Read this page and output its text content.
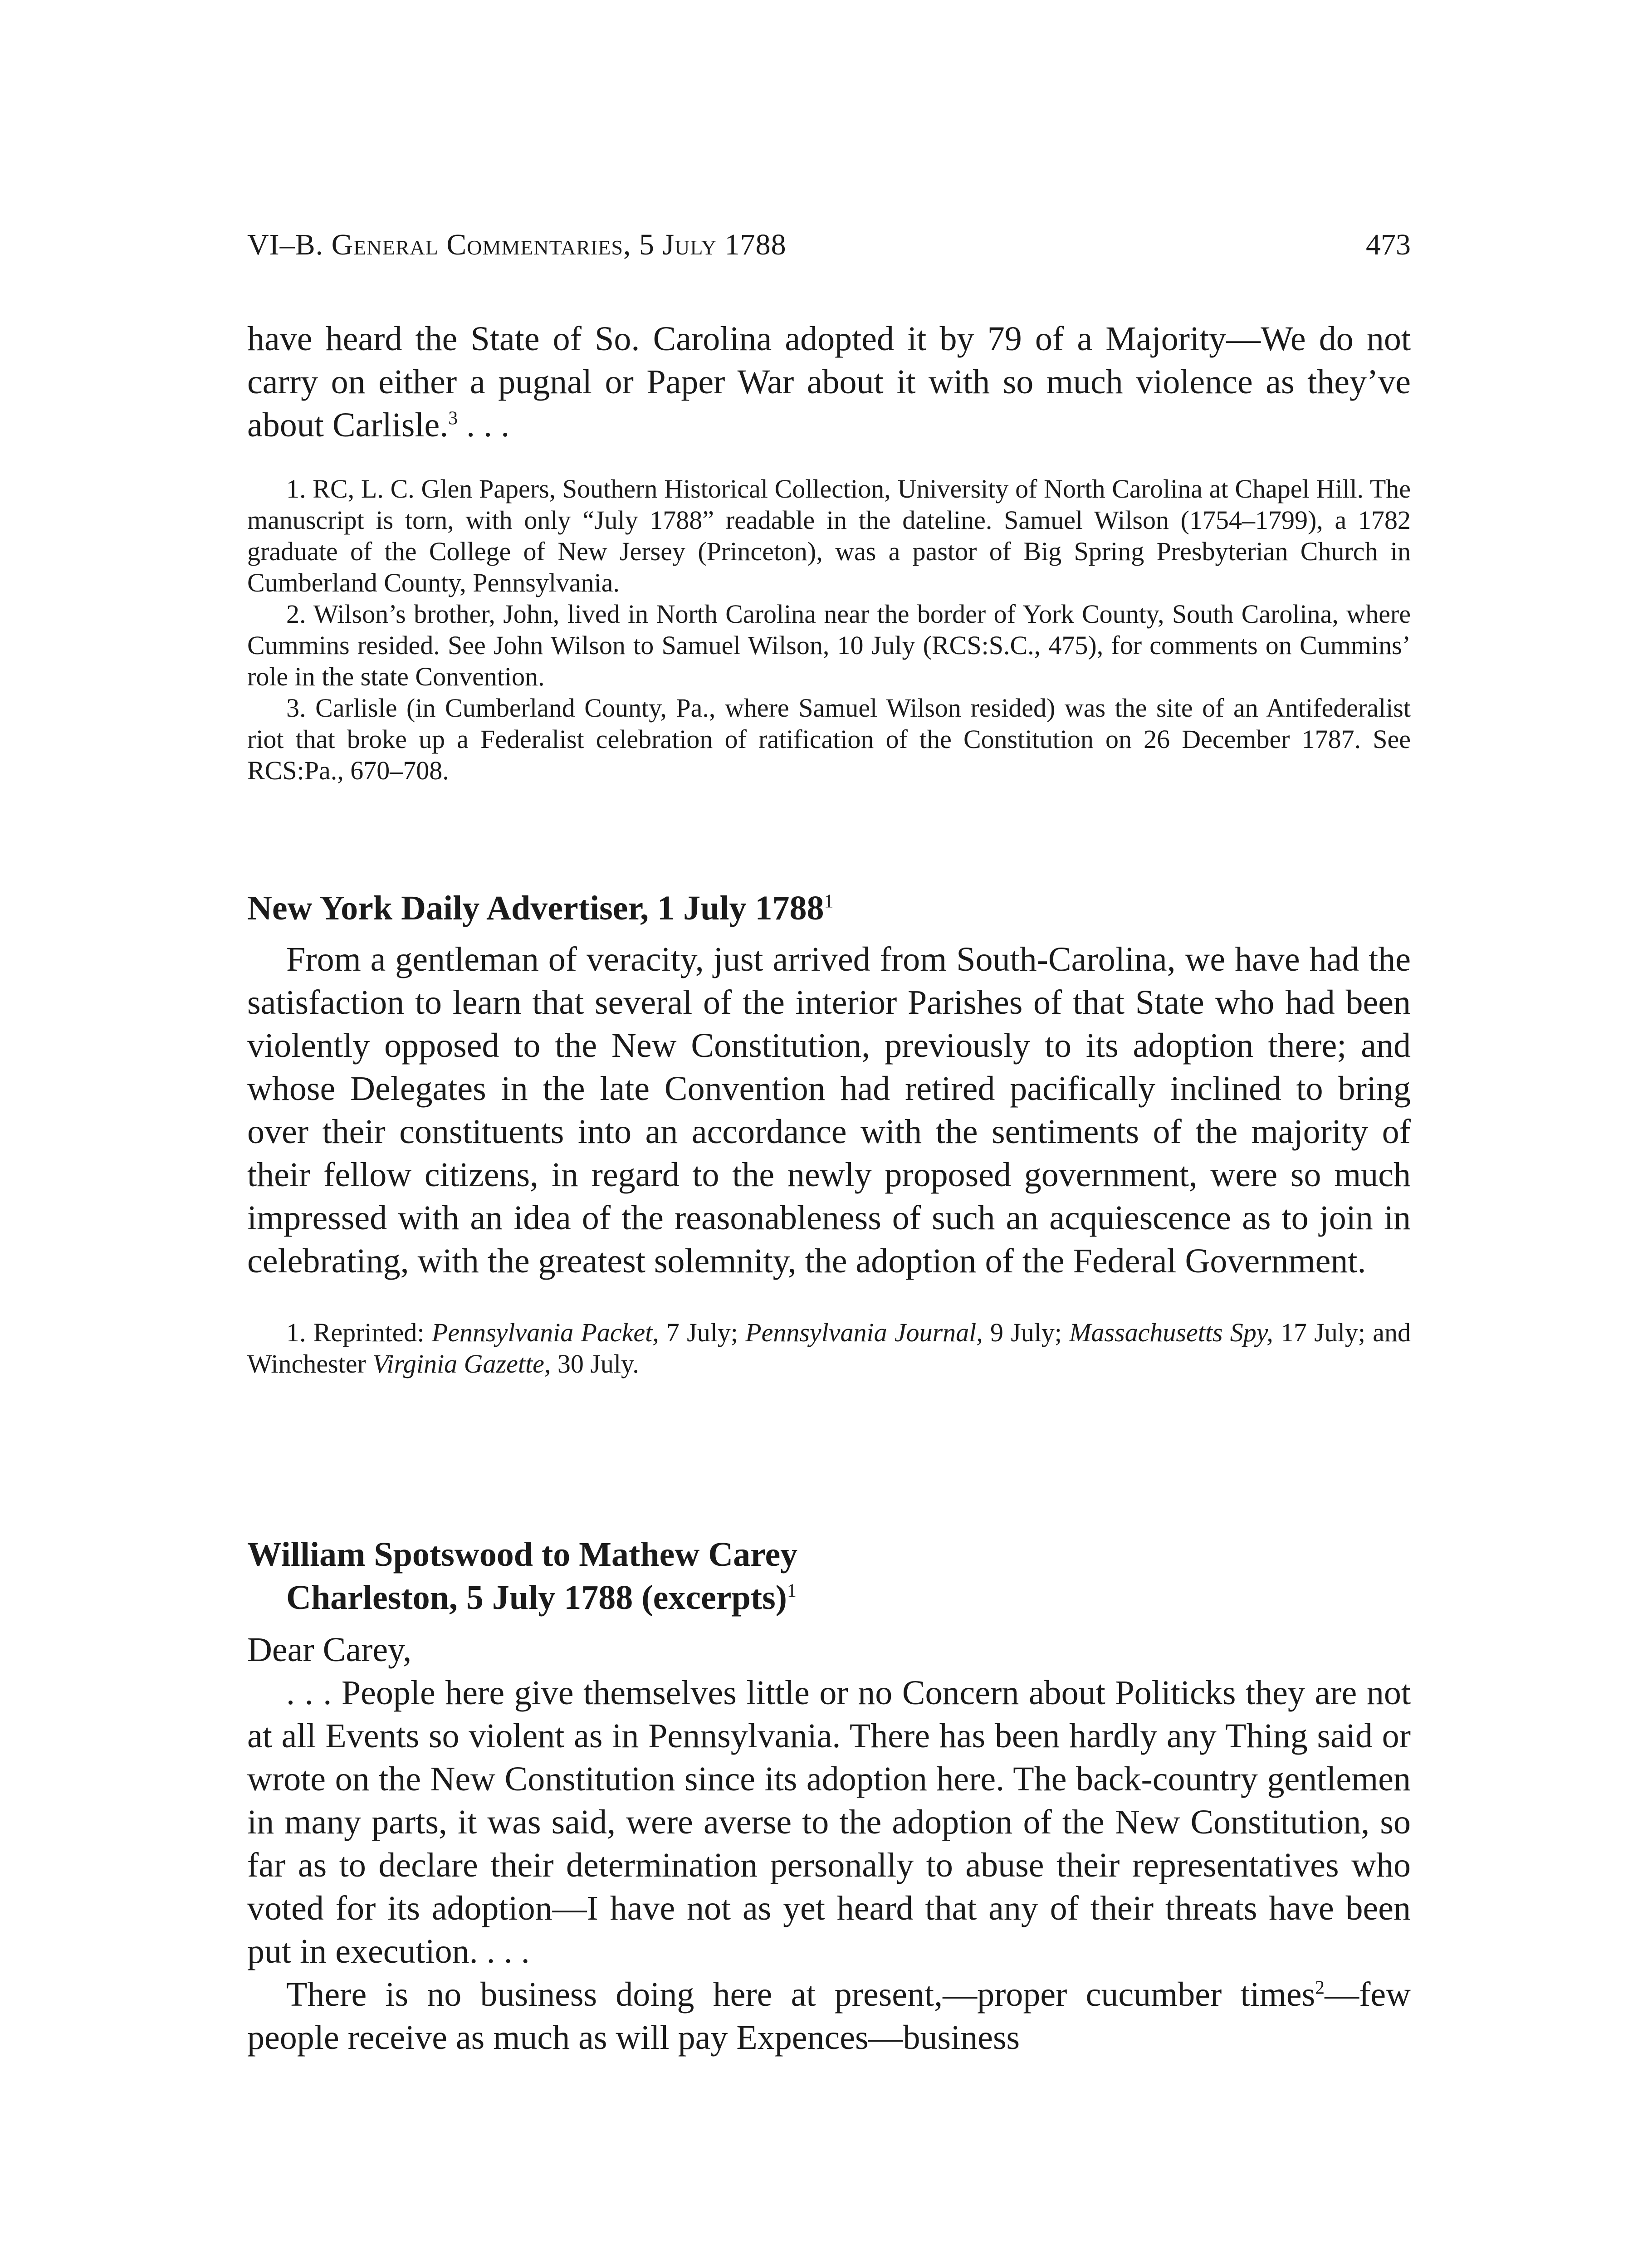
VI–B. General Commentaries, 5 July 1788	473

have heard the State of So. Carolina adopted it by 79 of a Majority—We do not carry on either a pugnal or Paper War about it with so much violence as they’ve about Carlisle.$^3$ . . .

1. RC, L. C. Glen Papers, Southern Historical Collection, University of North Carolina at Chapel Hill. The manuscript is torn, with only “July 1788” readable in the dateline. Samuel Wilson (1754–1799), a 1782 graduate of the College of New Jersey (Princeton), was a pastor of Big Spring Presbyterian Church in Cumberland County, Pennsylvania.

2. Wilson’s brother, John, lived in North Carolina near the border of York County, South Carolina, where Cummins resided. See John Wilson to Samuel Wilson, 10 July (RCS:S.C., 475), for comments on Cummins’ role in the state Convention.

3. Carlisle (in Cumberland County, Pa., where Samuel Wilson resided) was the site of an Antifederalist riot that broke up a Federalist celebration of ratification of the Constitution on 26 December 1787. See RCS:Pa., 670–708.

New York Daily Advertiser, 1 July 1788$^1$

From a gentleman of veracity, just arrived from South-Carolina, we have had the satisfaction to learn that several of the interior Parishes of that State who had been violently opposed to the New Constitution, previously to its adoption there; and whose Delegates in the late Convention had retired pacifically inclined to bring over their constituents into an accordance with the sentiments of the majority of their fellow citizens, in regard to the newly proposed government, were so much impressed with an idea of the reasonableness of such an acquiescence as to join in celebrating, with the greatest solemnity, the adoption of the Federal Government.

1. Reprinted: Pennsylvania Packet, 7 July; Pennsylvania Journal, 9 July; Massachusetts Spy, 17 July; and Winchester Virginia Gazette, 30 July.

William Spotswood to Mathew Carey
Charleston, 5 July 1788 (excerpts)$^1$

Dear Carey,

. . . People here give themselves little or no Concern about Politicks they are not at all Events so violent as in Pennsylvania. There has been hardly any Thing said or wrote on the New Constitution since its adoption here. The back-country gentlemen in many parts, it was said, were averse to the adoption of the New Constitution, so far as to declare their determination personally to abuse their representatives who voted for its adoption—I have not as yet heard that any of their threats have been put in execution. . . .

There is no business doing here at present,—proper cucumber times$^2$—few people receive as much as will pay Expences—business
